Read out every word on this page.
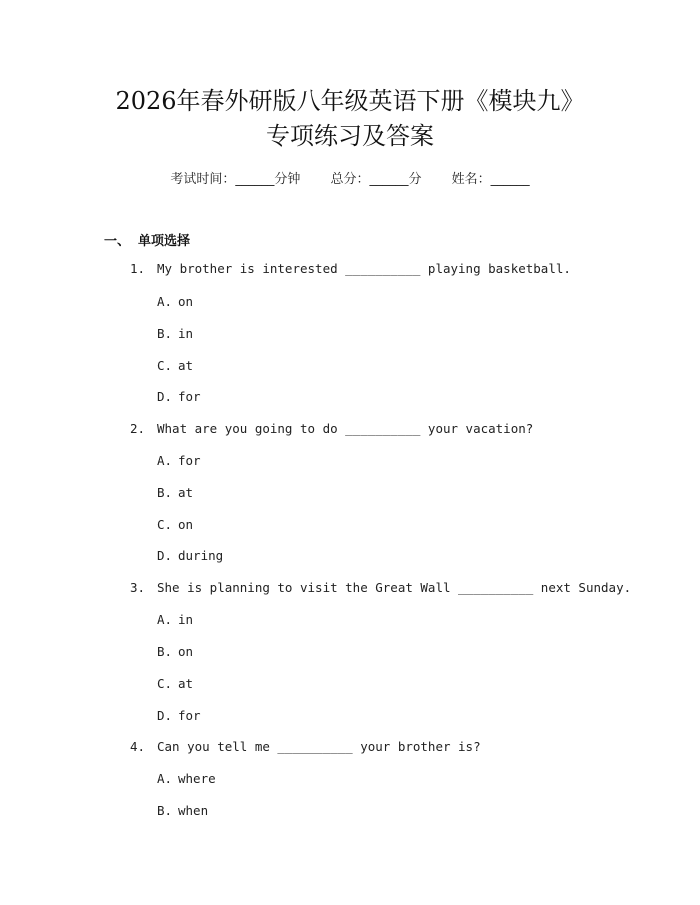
2026年春外研版八年级英语下册《模块九》
专项练习及答案
考试时间：______分钟 总分：______分 姓名：______
一、 单项选择
1. My brother is interested __________ playing basketball.
A. on
B. in
C. at
D. for
2. What are you going to do __________ your vacation?
A. for
B. at
C. on
D. during
3. She is planning to visit the Great Wall __________ next Sunday.
A. in
B. on
C. at
D. for
4. Can you tell me __________ your brother is?
A. where
B. when
